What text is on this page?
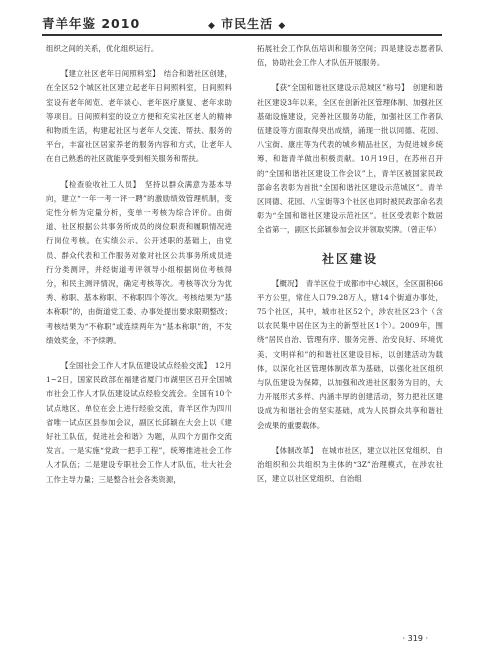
青羊年鉴 2010	◆ 市民生活 ◆

组织之间的关系，优化组织运行。

【建立社区老年日间照料室】　结合和谐社区创建，在全区52个城区社区建立起老年日间照料室，日间照料室设有老年阅览、老年谈心、老年医疗康复、老年求助等项目。日间照料室的设立方便和充实社区老人的精神和物质生活，构建起社区与老年人交流、帮扶、服务的平台，丰富社区居家养老的服务内容和方式，让老年人在自己熟悉的社区就能享受到相关服务和帮扶。

【检查验收社工人员】　坚持以群众满意为基本导向，建立“一年一考一评一聘”的激励绩效管理机制，变定性分析为定量分析，变单一考核为综合评价。由街道、社区根据公共事务所成员的岗位职责和履职情况进行岗位考核。在实绩公示、公开述职的基础上，由党员、群众代表和工作服务对象对社区公共事务所成员进行分类测评，并经街道考评领导小组根据岗位考核得分，和民主测评情况，确定考核等次。考核等次分为优秀、称职、基本称职、不称职四个等次。考核结果为“基本称职”的，由街道党工委、办事处提出要求限期整改；考核结果为“不称职”或连续两年为“基本称职”的，不发绩效奖金，不予续聘。

【全国社会工作人才队伍建设试点经验交流】　12月1~2日，国家民政部在福建省厦门市湖里区召开全国城市社会工作人才队伍建设试点经验交流会。全国有10个试点地区、单位在会上进行经验交流，青羊区作为四川省唯一试点区县参加会议，副区长邱颖在大会上以《建好社工队伍，促进社会和谐》为题，从四个方面作交流发言。一是实施“党政一把手工程”，统筹推进社会工作人才队伍；二是建设专职社会工作人才队伍，壮大社会工作主导力量；三是整合社会各类资源，

拓展社会工作队伍培训和服务空间；四是建设志愿者队伍，协助社会工作人才队伍开展服务。

【获“全国和谐社区建设示范城区”称号】　创建和谐社区建设3年以来，全区在创新社区管理体制、加强社区基础设施建设，完善社区服务功能，加强社区工作者队伍建设等方面取得突出成绩，涌现一批以同德、花园、八宝街、康庄等为代表的城乡精品社区，为促进城乡统筹、和谐青羊做出积极贡献。10月19日，在苏州召开的“全国和谐社区建设工作会议”上，青羊区被国家民政部命名表彰为首批“全国和谐社区建设示范城区”。青羊区同德、花园、八宝街等3个社区也同时被民政部命名表彰为“全国和谐社区建设示范社区”。社区受表彰个数居全省第一，副区长邱颖参加会议并领取奖牌。（曾正华）

社区建设

【概况】　青羊区位于成都市中心城区，全区面积66平方公里，常住人口79.28万人，辖14个街道办事处，75个社区，其中，城市社区52个，涉农社区23个（含以农民集中居住区为主的新型社区1个）。2009年，围绕“居民自治、管理有序、服务完善、治安良好、环境优美、文明祥和”的和谐社区建设目标，以创建活动为载体，以深化社区管理体制改革为基础，以强化社区组织与队伍建设为保障，以加强和改进社区服务为目的，大力开展形式多样、内涵丰厚的创建活动，努力把社区建设成为和谐社会的坚实基础，成为人民群众共享和谐社会成果的重要载体。

【体制改革】　在城市社区，建立以社区党组织、自治组织和公共组织为主体的“3Z”治理模式，在涉农社区，建立以社区党组织、自治组

· 319 ·
